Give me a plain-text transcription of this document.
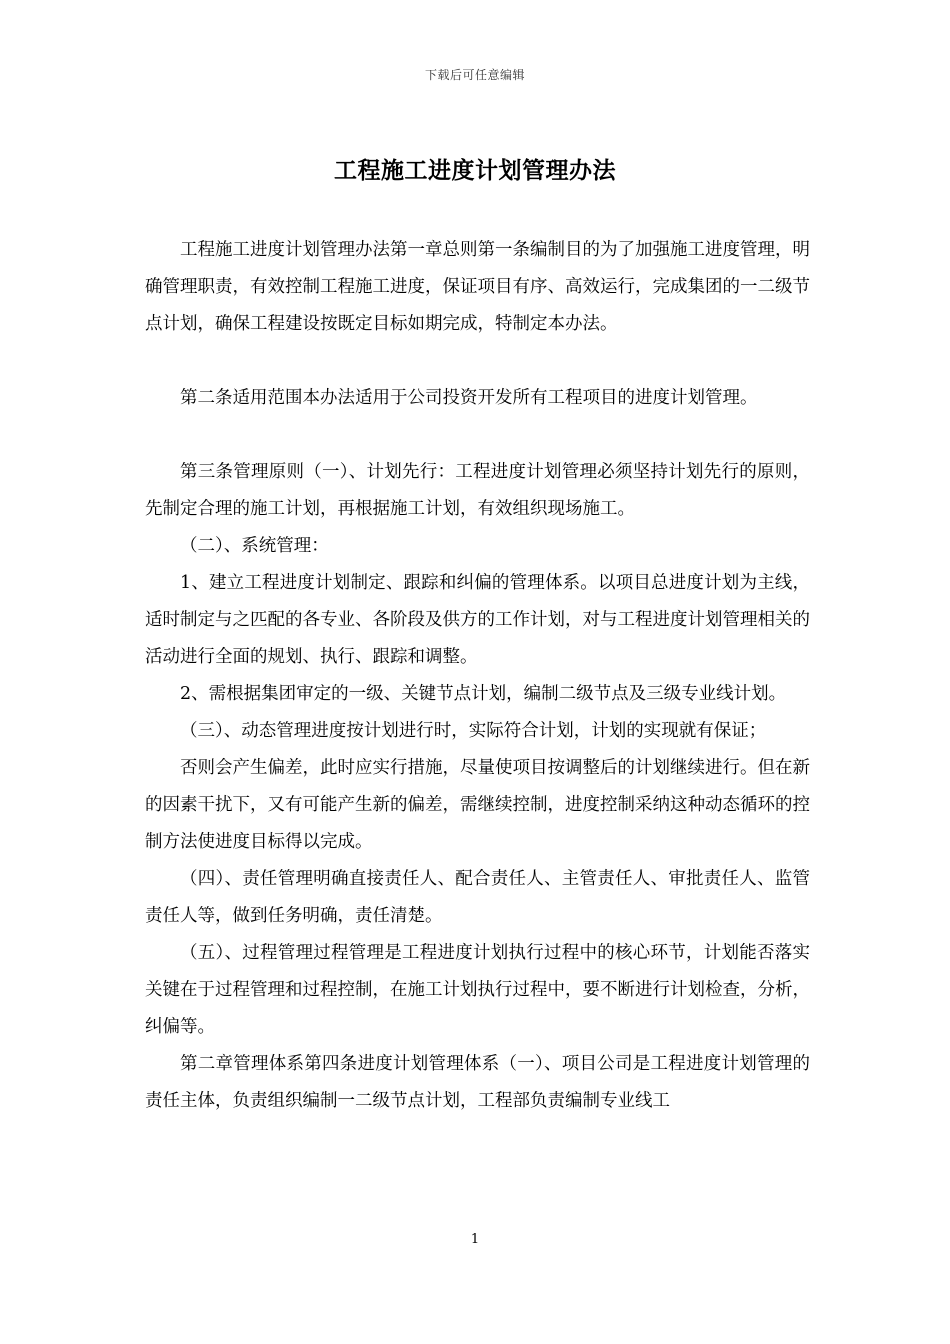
下载后可任意编辑
工程施工进度计划管理办法

工程施工进度计划管理办法第一章总则第一条编制目的为了加强施工进度管理，明确管理职责，有效控制工程施工进度，保证项目有序、高效运行，完成集团的一二级节点计划，确保工程建设按既定目标如期完成，特制定本办法。

第二条适用范围本办法适用于公司投资开发所有工程项目的进度计划管理。

第三条管理原则（一）、计划先行：工程进度计划管理必须坚持计划先行的原则，先制定合理的施工计划，再根据施工计划，有效组织现场施工。

（二）、系统管理：

1、建立工程进度计划制定、跟踪和纠偏的管理体系。以项目总进度计划为主线，适时制定与之匹配的各专业、各阶段及供方的工作计划，对与工程进度计划管理相关的活动进行全面的规划、执行、跟踪和调整。

2、需根据集团审定的一级、关键节点计划，编制二级节点及三级专业线计划。

（三）、动态管理进度按计划进行时，实际符合计划，计划的实现就有保证；

否则会产生偏差，此时应实行措施，尽量使项目按调整后的计划继续进行。但在新的因素干扰下，又有可能产生新的偏差，需继续控制，进度控制采纳这种动态循环的控制方法使进度目标得以完成。

（四）、责任管理明确直接责任人、配合责任人、主管责任人、审批责任人、监管责任人等，做到任务明确，责任清楚。

（五）、过程管理过程管理是工程进度计划执行过程中的核心环节，计划能否落实关键在于过程管理和过程控制，在施工计划执行过程中，要不断进行计划检查，分析，纠偏等。

第二章管理体系第四条进度计划管理体系（一）、项目公司是工程进度计划管理的责任主体，负责组织编制一二级节点计划，工程部负责编制专业线工

1
